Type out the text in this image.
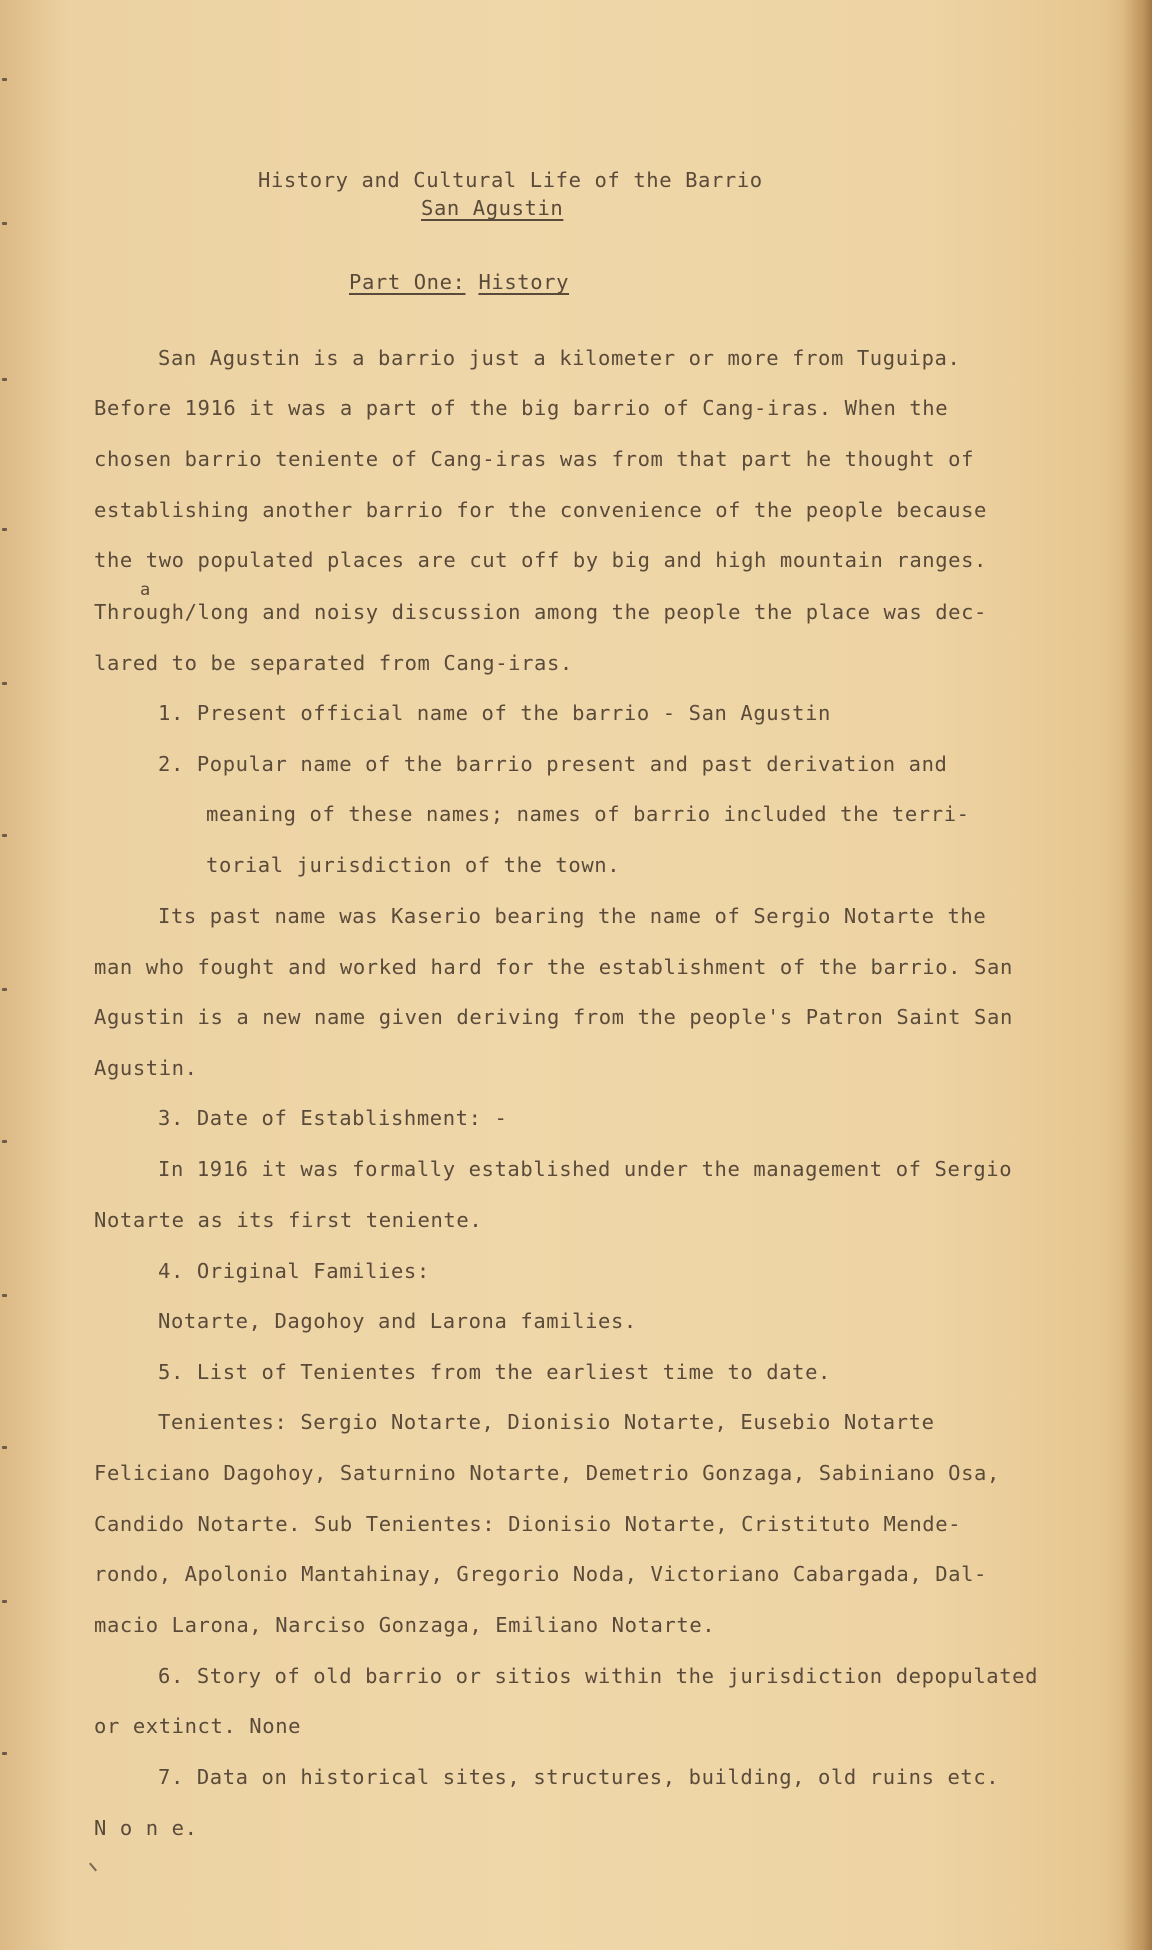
History and Cultural Life of the Barrio
San Agustin
Part One: History
a
San Agustin is a barrio just a kilometer or more from Tuguipa.
Before 1916 it was a part of the big barrio of Cang-iras. When the
chosen barrio teniente of Cang-iras was from that part he thought of
establishing another barrio for the convenience of the people because
the two populated places are cut off by big and high mountain ranges.
Through/long and noisy discussion among the people the place was dec-
lared to be separated from Cang-iras.
1. Present official name of the barrio - San Agustin
2. Popular name of the barrio present and past derivation and
meaning of these names; names of barrio included the terri-
torial jurisdiction of the town.
Its past name was Kaserio bearing the name of Sergio Notarte the
man who fought and worked hard for the establishment of the barrio. San
Agustin is a new name given deriving from the people's Patron Saint San
Agustin.
3. Date of Establishment: -
In 1916 it was formally established under the management of Sergio
Notarte as its first teniente.
4. Original Families:
Notarte, Dagohoy and Larona families.
5. List of Tenientes from the earliest time to date.
Tenientes: Sergio Notarte, Dionisio Notarte, Eusebio Notarte
Feliciano Dagohoy, Saturnino Notarte, Demetrio Gonzaga, Sabiniano Osa,
Candido Notarte. Sub Tenientes: Dionisio Notarte, Cristituto Mende-
rondo, Apolonio Mantahinay, Gregorio Noda, Victoriano Cabargada, Dal-
macio Larona, Narciso Gonzaga, Emiliano Notarte.
6. Story of old barrio or sitios within the jurisdiction depopulated
or extinct. None
7. Data on historical sites, structures, building, old ruins etc.
N o n e.
